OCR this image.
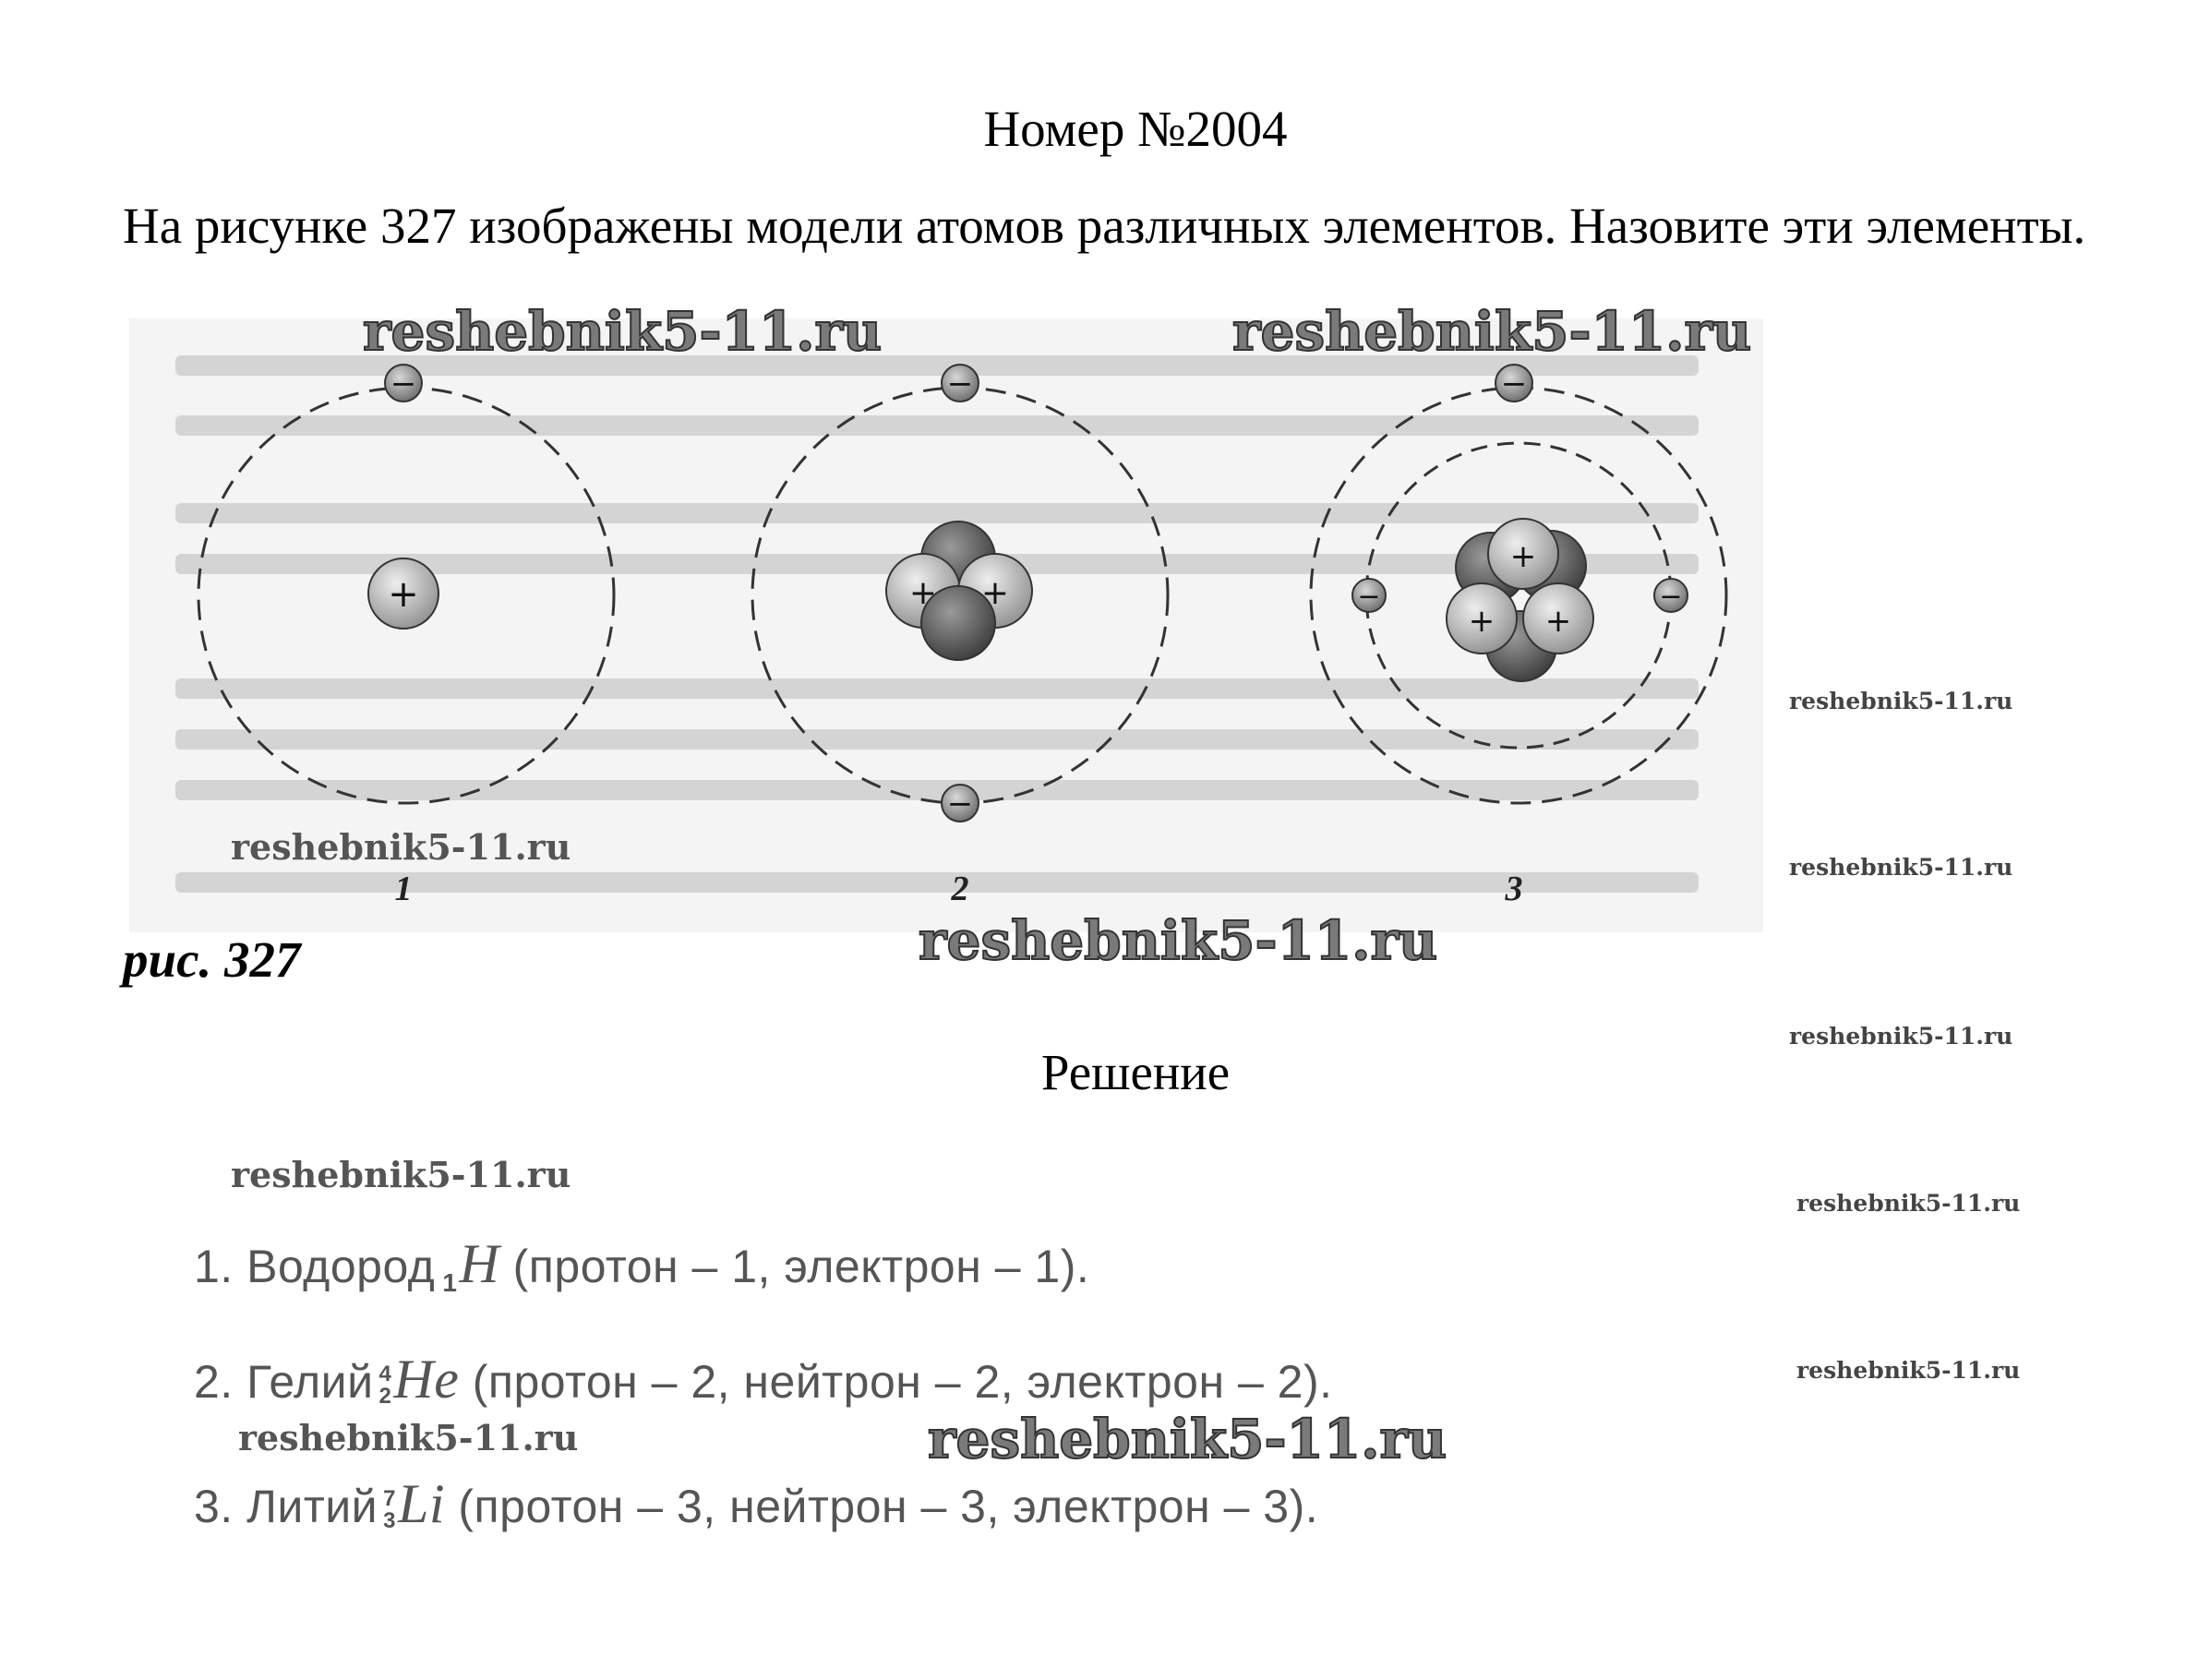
Номер №2004
На рисунке 327 изображены модели атомов различных элементов. Назовите эти элементы.
+
−
+ +
−
−
+
+ +
−	−
−
1	2	3
рис. 327
Решение
1. Водород $_1$H (протон – 1, электрон – 1).
2. Гелий 4
2He (протон – 2, нейтрон – 2, электрон – 2).
3. Литий 7
3Li (протон – 3, нейтрон – 3, электрон – 3).
reshebnik5-11.ru	reshebnik5-11.ru
reshebnik5-11.ru
reshebnik5-11.ru
reshebnik5-11.ru
reshebnik5-11.ru
reshebnik5-11.ru
reshebnik5-11.ru
reshebnik5-11.ru
reshebnik5-11.ru
reshebnik5-11.ru
reshebnik5-11.ru
